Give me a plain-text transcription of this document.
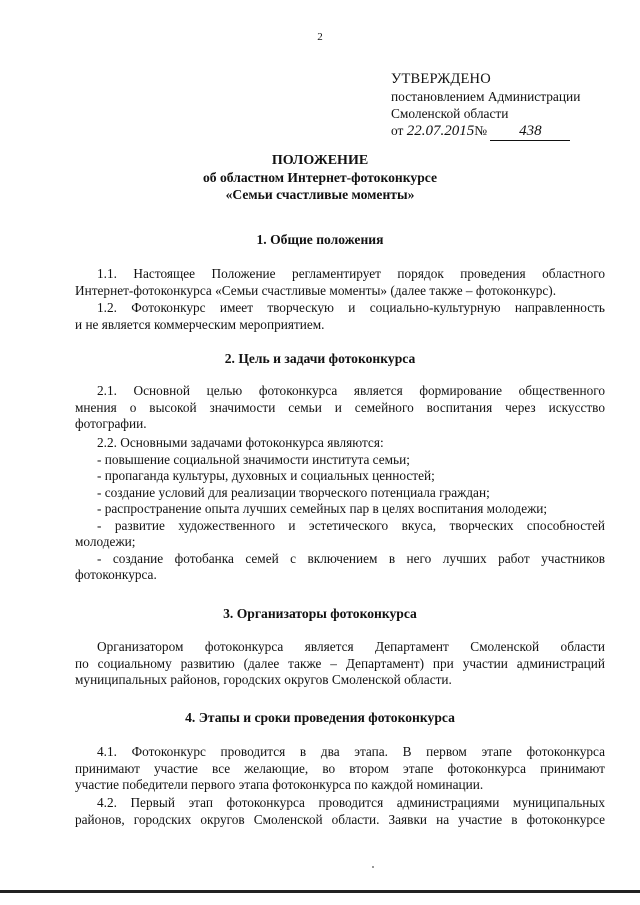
2
УТВЕРЖДЕНО
постановлением Администрации
Смоленской области
от 22.07.2015№ 438
ПОЛОЖЕНИЕ
об областном Интернет-фотоконкурсе
«Семьи счастливые моменты»
1. Общие положения
1.1. Настоящее Положение регламентирует порядок проведения областного
Интернет-фотоконкурса «Семьи счастливые моменты» (далее также – фотоконкурс).
1.2. Фотоконкурс имеет творческую и социально-культурную направленность
и не является коммерческим мероприятием.
2. Цель и задачи фотоконкурса
2.1. Основной целью фотоконкурса является формирование общественного
мнения о высокой значимости семьи и семейного воспитания через искусство
фотографии.
2.2. Основными задачами фотоконкурса являются:
- повышение социальной значимости института семьи;
- пропаганда культуры, духовных и социальных ценностей;
- создание условий для реализации творческого потенциала граждан;
- распространение опыта лучших семейных пар в целях воспитания молодежи;
- развитие художественного и эстетического вкуса, творческих способностей
молодежи;
- создание фотобанка семей с включением в него лучших работ участников
фотоконкурса.
3. Организаторы фотоконкурса
Организатором фотоконкурса является Департамент Смоленской области
по социальному развитию (далее также – Департамент) при участии администраций
муниципальных районов, городских округов Смоленской области.
4. Этапы и сроки проведения фотоконкурса
4.1. Фотоконкурс проводится в два этапа. В первом этапе фотоконкурса
принимают участие все желающие, во втором этапе фотоконкурса принимают
участие победители первого этапа фотоконкурса по каждой номинации.
4.2. Первый этап фотоконкурса проводится администрациями муниципальных
районов, городских округов Смоленской области. Заявки на участие в фотоконкурсе
